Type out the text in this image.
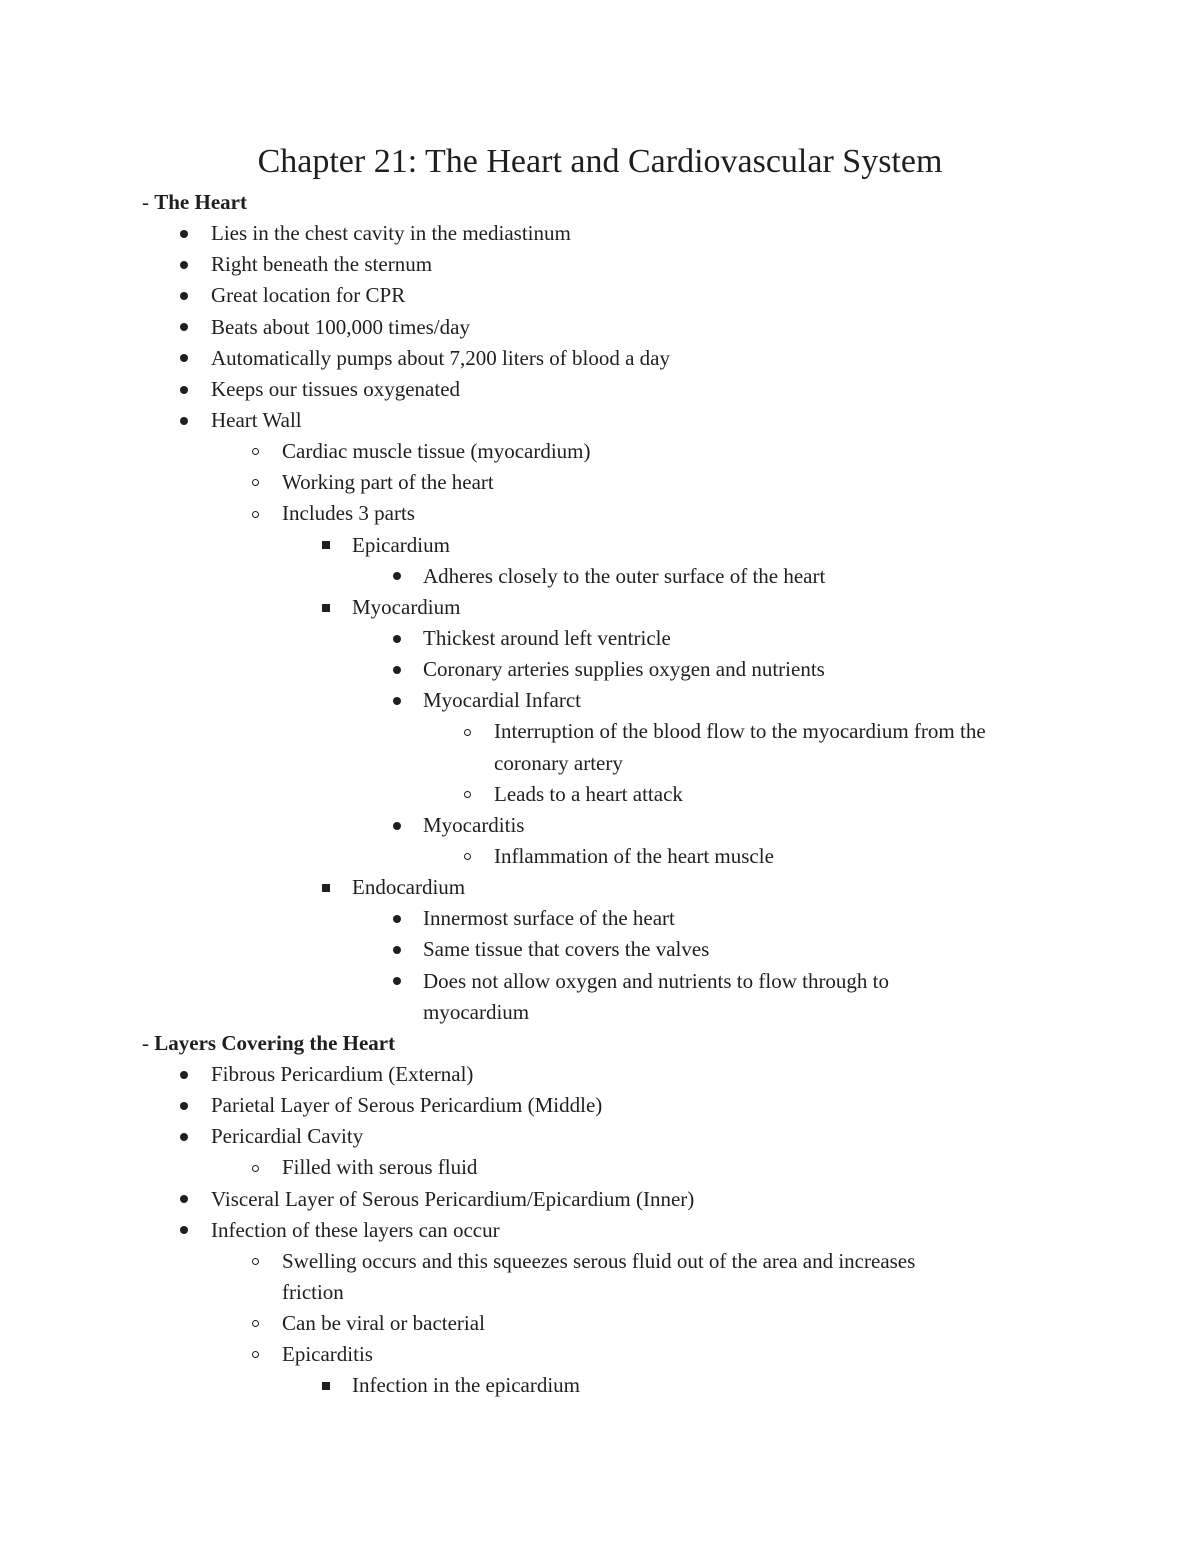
Chapter 21: The Heart and Cardiovascular System
- The Heart
Lies in the chest cavity in the mediastinum
Right beneath the sternum
Great location for CPR
Beats about 100,000 times/day
Automatically pumps about 7,200 liters of blood a day
Keeps our tissues oxygenated
Heart Wall
Cardiac muscle tissue (myocardium)
Working part of the heart
Includes 3 parts
Epicardium
Adheres closely to the outer surface of the heart
Myocardium
Thickest around left ventricle
Coronary arteries supplies oxygen and nutrients
Myocardial Infarct
Interruption of the blood flow to the myocardium from the
coronary artery
Leads to a heart attack
Myocarditis
Inflammation of the heart muscle
Endocardium
Innermost surface of the heart
Same tissue that covers the valves
Does not allow oxygen and nutrients to flow through to
myocardium
- Layers Covering the Heart
Fibrous Pericardium (External)
Parietal Layer of Serous Pericardium (Middle)
Pericardial Cavity
Filled with serous fluid
Visceral Layer of Serous Pericardium/Epicardium (Inner)
Infection of these layers can occur
Swelling occurs and this squeezes serous fluid out of the area and increases
friction
Can be viral or bacterial
Epicarditis
Infection in the epicardium
